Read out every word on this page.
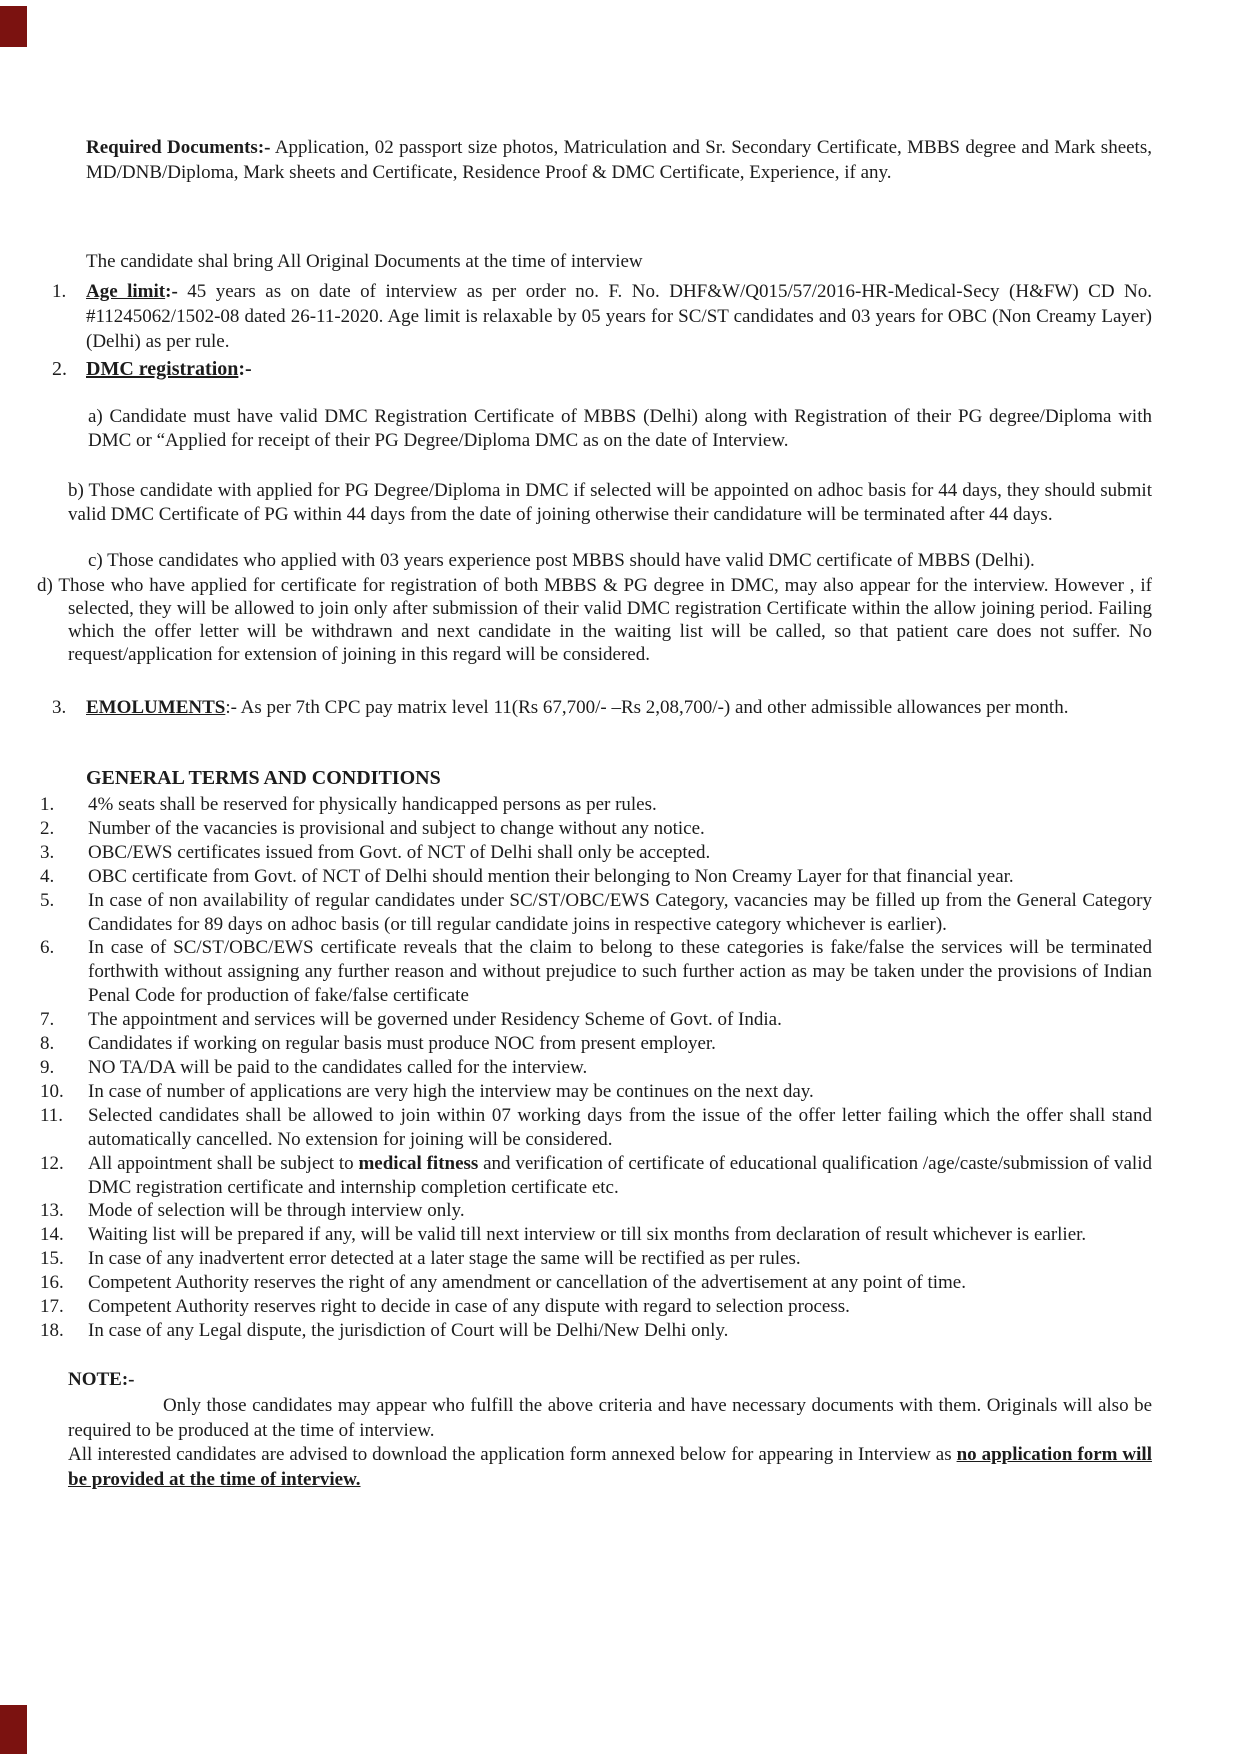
Required Documents:- Application, 02 passport size photos, Matriculation and Sr. Secondary Certificate, MBBS degree and Mark sheets, MD/DNB/Diploma, Mark sheets and Certificate, Residence Proof & DMC Certificate, Experience, if any.
The candidate shal bring All Original Documents at the time of interview
1.	Age limit:- 45 years as on date of interview as per order no. F. No. DHF&W/Q015/57/2016-HR-Medical-Secy (H&FW) CD No. #11245062/1502-08 dated 26-11-2020. Age limit is relaxable by 05 years for SC/ST candidates and 03 years for OBC (Non Creamy Layer) (Delhi) as per rule.
2. DMC registration:-
a) Candidate must have valid DMC Registration Certificate of MBBS (Delhi) along with Registration of their PG degree/Diploma with DMC or “Applied for receipt of their PG Degree/Diploma DMC as on the date of Interview.
b) Those candidate with applied for PG Degree/Diploma in DMC if selected will be appointed on adhoc basis for 44 days, they should submit valid DMC Certificate of PG within 44 days from the date of joining otherwise their candidature will be terminated after 44 days.
c) Those candidates who applied with 03 years experience post MBBS should have valid DMC certificate of MBBS (Delhi).
d) Those who have applied for certificate for registration of both MBBS & PG degree in DMC, may also appear for the interview. However , if selected, they will be allowed to join only after submission of their valid DMC registration Certificate within the allow joining period. Failing which the offer letter will be withdrawn and next candidate in the waiting list will be called, so that patient care does not suffer. No request/application for extension of joining in this regard will be considered.
3.	EMOLUMENTS:- As per 7th CPC pay matrix level 11(Rs 67,700/- –Rs 2,08,700/-) and other admissible allowances per month.
GENERAL TERMS AND CONDITIONS
1.	4% seats shall be reserved for physically handicapped persons as per rules.
2.	Number of the vacancies is provisional and subject to change without any notice.
3.	OBC/EWS certificates issued from Govt. of NCT of Delhi shall only be accepted.
4.	OBC certificate from Govt. of NCT of Delhi should mention their belonging to Non Creamy Layer for that financial year.
5.	In case of non availability of regular candidates under SC/ST/OBC/EWS Category, vacancies may be filled up from the General Category Candidates for 89 days on adhoc basis (or till regular candidate joins in respective category whichever is earlier).
6.	In case of SC/ST/OBC/EWS certificate reveals that the claim to belong to these categories is fake/false the services will be terminated forthwith without assigning any further reason and without prejudice to such further action as may be taken under the provisions of Indian Penal Code for production of fake/false certificate
7.	The appointment and services will be governed under Residency Scheme of Govt. of India.
8.	Candidates if working on regular basis must produce NOC from present employer.
9.	NO TA/DA will be paid to the candidates called for the interview.
10.	In case of number of applications are very high the interview may be continues on the next day.
11.	Selected candidates shall be allowed to join within 07 working days from the issue of the offer letter failing which the offer shall stand automatically cancelled. No extension for joining will be considered.
12.	All appointment shall be subject to medical fitness and verification of certificate of educational qualification /age/caste/submission of valid DMC registration certificate and internship completion certificate etc.
13.	Mode of selection will be through interview only.
14.	Waiting list will be prepared if any, will be valid till next interview or till six months from declaration of result whichever is earlier.
15.	In case of any inadvertent error detected at a later stage the same will be rectified as per rules.
16.	Competent Authority reserves the right of any amendment or cancellation of the advertisement at any point of time.
17.	Competent Authority reserves right to decide in case of any dispute with regard to selection process.
18.	In case of any Legal dispute, the jurisdiction of Court will be Delhi/New Delhi only.
NOTE:-
Only those candidates may appear who fulfill the above criteria and have necessary documents with them. Originals will also be required to be produced at the time of interview.
All interested candidates are advised to download the application form annexed below for appearing in Interview as no application form will be provided at the time of interview.
